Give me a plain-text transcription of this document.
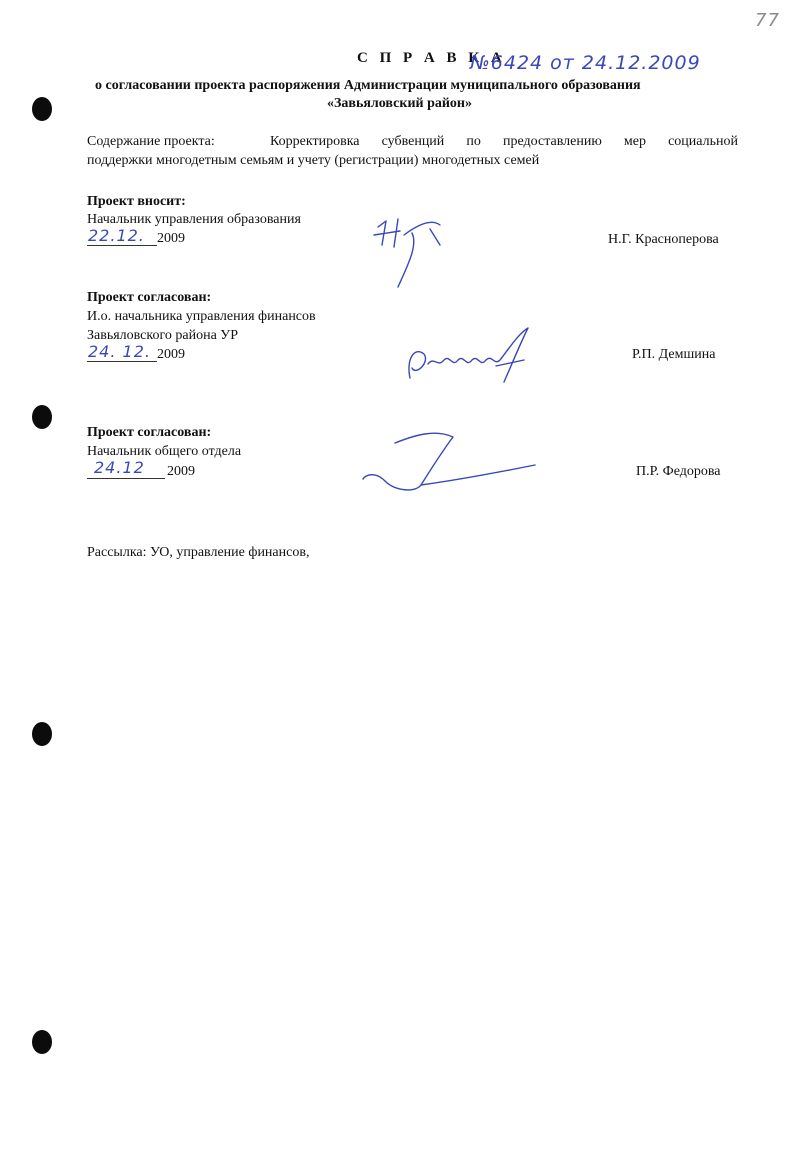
77
С П Р А В К А
№6424 от 24.12.2009
о согласовании проекта распоряжения Администрации муниципального образования
«Завьяловский район»
Содержание проекта:	Корректировка субвенций по предоставлению мер социальной
поддержки многодетным семьям и учету (регистрации) многодетных семей
Проект вносит:
Начальник управления образования
22.12. 2009	Н.Г. Красноперова
Проект согласован:
И.о. начальника управления финансов
Завьяловского района УР
24. 12. 2009	Р.П. Демшина
Проект согласован:
Начальник общего отдела
24.12 2009	П.Р. Федорова
Рассылка: УО, управление финансов,
